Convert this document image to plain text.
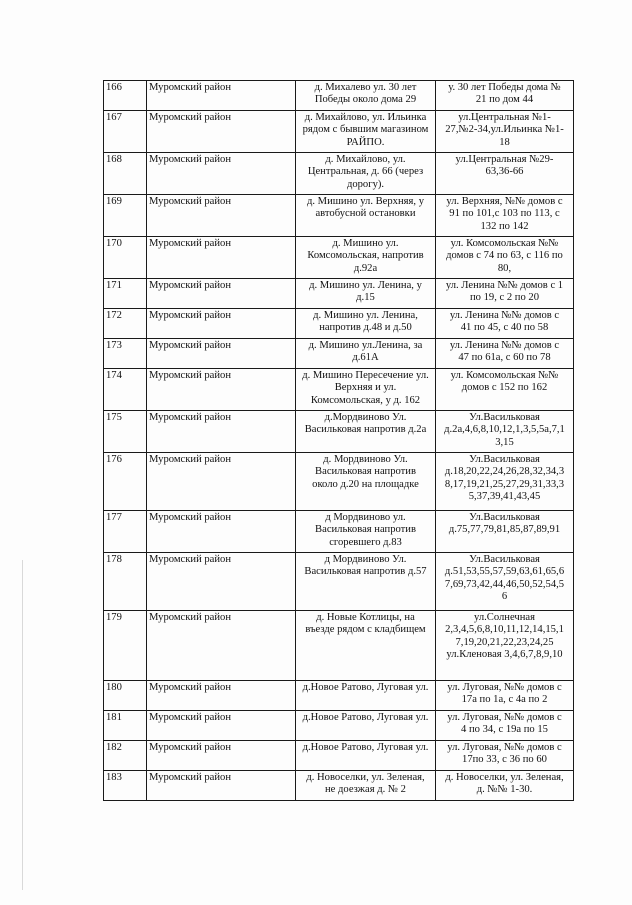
166	Муромский район	д. Михалево ул. 30 лет
Победы около дома 29	у. 30 лет Победы дома №
21 по дом 44

167	Муромский район	д. Михайлово, ул. Ильинка
рядом с бывшим магазином
РАЙПО.	ул.Центральная №1-
27,№2-34,ул.Ильинка №1-
18

168	Муромский район	д. Михайлово, ул.
Центральная, д. 66 (через
дорогу).	ул.Центральная №29-
63,36-66

169	Муромский район	д. Мишино ул. Верхняя, у
автобусной остановки	ул. Верхняя, №№ домов с
91 по 101,с 103 по 113, с
132 по 142

170	Муромский район	д. Мишино ул.
Комсомольская, напротив
д.92а	ул. Комсомольская №№
домов с 74 по 63, с 116 по
80,

171	Муромский район	д. Мишино ул. Ленина, у
д.15	ул. Ленина №№ домов с 1
по 19, с 2 по 20

172	Муромский район	д. Мишино ул. Ленина,
напротив д.48 и д.50	ул. Ленина №№ домов с
41 по 45, с 40 по 58

173	Муромский район	д. Мишино ул.Ленина, за
д.61А	ул. Ленина №№ домов с
47 по 61а, с 60 по 78

174	Муромский район	д. Мишино Пересечение ул.
Верхняя и ул.
Комсомольская, у д. 162	ул. Комсомольская №№
домов с 152 по 162

175	Муромский район	д.Мордвиново Ул.
Васильковая напротив д.2а	Ул.Васильковая
д.2а,4,6,8,10,12,1,3,5,5а,7,1
3,15

176	Муромский район	д. Мордвиново Ул.
Васильковая напротив
около д.20 на площадке	Ул.Васильковая
д.18,20,22,24,26,28,32,34,3
8,17,19,21,25,27,29,31,33,3
5,37,39,41,43,45

177	Муромский район	д Мордвиново ул.
Васильковая напротив
сгоревшего д.83	Ул.Васильковая
д.75,77,79,81,85,87,89,91

178	Муромский район	д Мордвиново Ул.
Васильковая напротив д.57	Ул.Васильковая
д.51,53,55,57,59,63,61,65,6
7,69,73,42,44,46,50,52,54,5
6

179	Муромский район	д. Новые Котлицы, на
въезде рядом с кладбищем	ул.Солнечная
2,3,4,5,6,8,10,11,12,14,15,1
7,19,20,21,22,23,24,25
ул.Кленовая 3,4,6,7,8,9,10

180	Муромский район	д.Новое Ратово, Луговая ул.	ул. Луговая, №№ домов с
17а по 1а, с 4а по 2

181	Муромский район	д.Новое Ратово, Луговая ул.	ул. Луговая, №№ домов с
4 по 34, с 19а по 15

182	Муромский район	д.Новое Ратово, Луговая ул.	ул. Луговая, №№ домов с
17по 33, с 36 по 60

183	Муромский район	д. Новоселки, ул. Зеленая,
не доезжая д. № 2	д. Новоселки, ул. Зеленая,
д. №№ 1-30.
